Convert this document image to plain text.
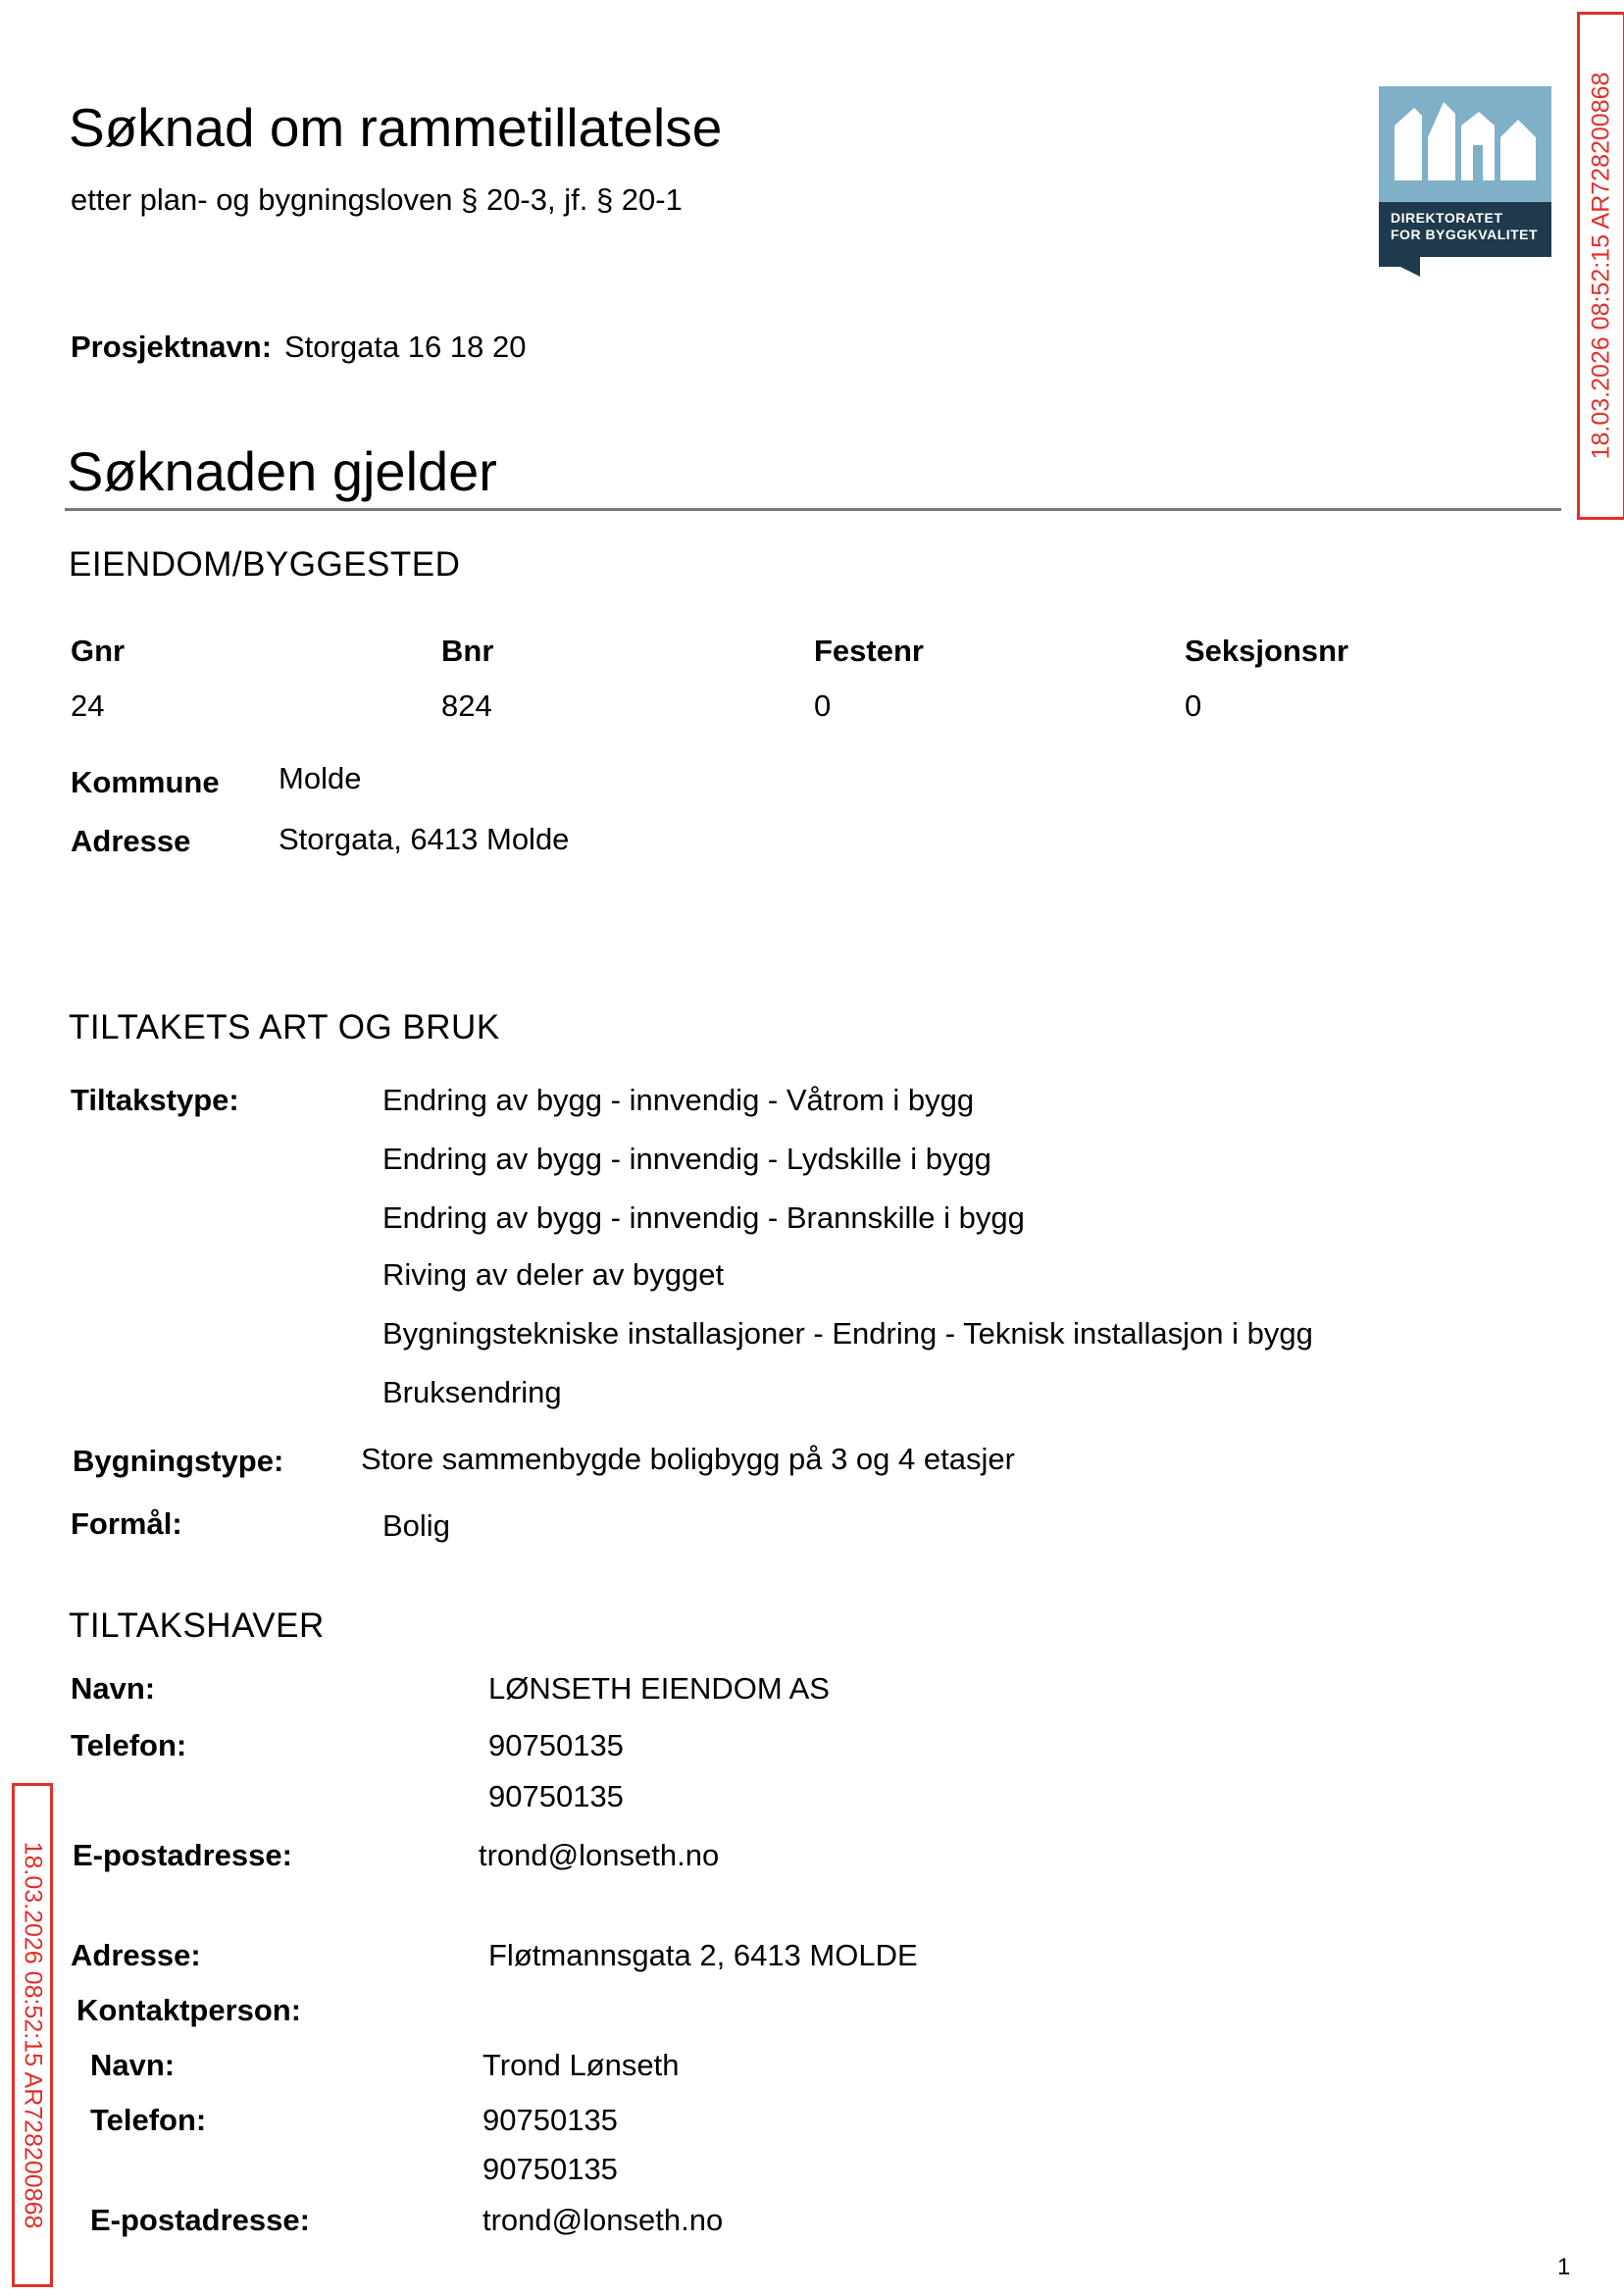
Søknad om rammetillatelse
etter plan- og bygningsloven § 20-3, jf. § 20-1
DIREKTORATET
FOR BYGGKVALITET 18.03.2026 08:52:15 AR728200868
18.03.2026 08:52:15 AR728200868
Prosjektnavn: Storgata 16 18 20
Søknaden gjelder
EIENDOM/BYGGESTED
Gnr	Bnr	Festenr	Seksjonsnr
24	824	0	0
Kommune Molde
Adresse	Storgata, 6413 Molde
TILTAKETS ART OG BRUK
Tiltakstype:	Endring av bygg - innvendig - Våtrom i bygg
Endring av bygg - innvendig - Lydskille i bygg
Endring av bygg - innvendig - Brannskille i bygg
Riving av deler av bygget
Bygningstekniske installasjoner - Endring - Teknisk installasjon i bygg
Bruksendring
Bygningstype:	Store sammenbygde boligbygg på 3 og 4 etasjer
Formål:	Bolig
TILTAKSHAVER
Navn:	LØNSETH EIENDOM AS
Telefon:	90750135
90750135
E-postadresse:	trond@lonseth.no
Adresse:	Fløtmannsgata 2, 6413 MOLDE
Kontaktperson:
Navn:	Trond Lønseth
Telefon:	90750135
90750135
E-postadresse:	trond@lonseth.no
1
